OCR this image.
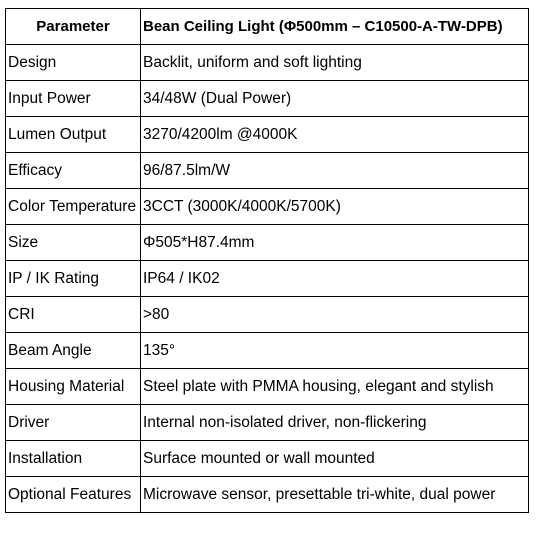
Parameter	Bean Ceiling Light (Φ500mm – C10500-A-TW-DPB)
Design	Backlit, uniform and soft lighting
Input Power	34/48W (Dual Power)
Lumen Output	3270/4200lm @4000K
Efficacy	96/87.5lm/W
Color Temperature	3CCT (3000K/4000K/5700K)
Size	Φ505*H87.4mm
IP / IK Rating	IP64 / IK02
CRI	>80
Beam Angle	135°
Housing Material	Steel plate with PMMA housing, elegant and stylish
Driver	Internal non-isolated driver, non-flickering
Installation	Surface mounted or wall mounted
Optional Features	Microwave sensor, presettable tri-white, dual power
